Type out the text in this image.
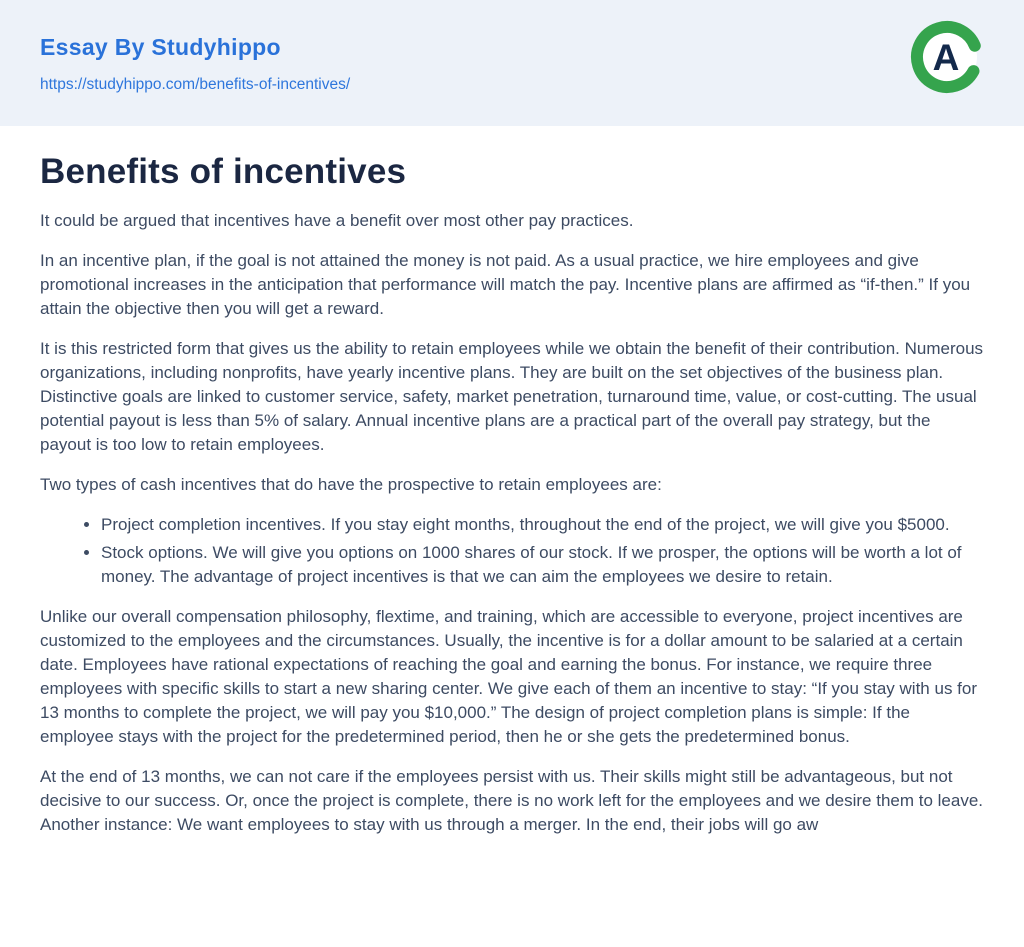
Essay By Studyhippo
https://studyhippo.com/benefits-of-incentives/
A
Benefits of incentives

It could be argued that incentives have a benefit over most other pay practices.

In an incentive plan, if the goal is not attained the money is not paid. As a usual practice, we hire employees and give promotional increases in the anticipation that performance will match the pay. Incentive plans are affirmed as “if-then.” If you attain the objective then you will get a reward.

It is this restricted form that gives us the ability to retain employees while we obtain the benefit of their contribution. Numerous organizations, including nonprofits, have yearly incentive plans. They are built on the set objectives of the business plan. Distinctive goals are linked to customer service, safety, market penetration, turnaround time, value, or cost-cutting. The usual potential payout is less than 5% of salary. Annual incentive plans are a practical part of the overall pay strategy, but the payout is too low to retain employees.

Two types of cash incentives that do have the prospective to retain employees are:

• Project completion incentives. If you stay eight months, throughout the end of the project, we will give you $5000.
• Stock options. We will give you options on 1000 shares of our stock. If we prosper, the options will be worth a lot of money. The advantage of project incentives is that we can aim the employees we desire to retain.

Unlike our overall compensation philosophy, flextime, and training, which are accessible to everyone, project incentives are customized to the employees and the circumstances. Usually, the incentive is for a dollar amount to be salaried at a certain date. Employees have rational expectations of reaching the goal and earning the bonus. For instance, we require three employees with specific skills to start a new sharing center. We give each of them an incentive to stay: “If you stay with us for 13 months to complete the project, we will pay you $10,000.” The design of project completion plans is simple: If the employee stays with the project for the predetermined period, then he or she gets the predetermined bonus.

At the end of 13 months, we can not care if the employees persist with us. Their skills might still be advantageous, but not decisive to our success. Or, once the project is complete, there is no work left for the employees and we desire them to leave. Another instance: We want employees to stay with us through a merger. In the end, their jobs will go aw
